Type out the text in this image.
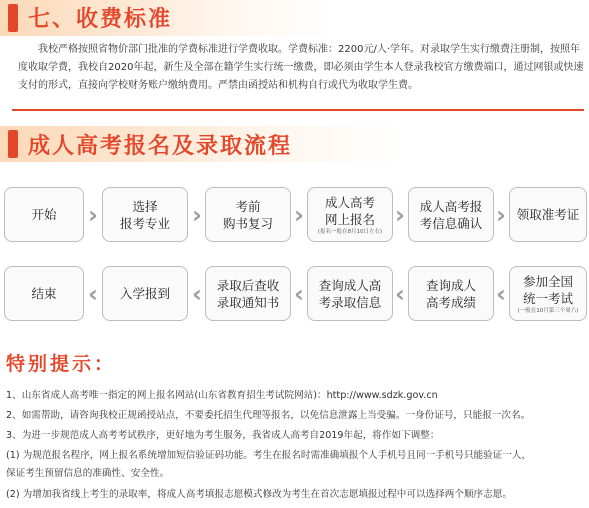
七、收费标准
我校严格按照省物价部门批准的学费标准进行学费收取。学费标准：2200元/人·学年。对录取学生实行缴费注册制，按照年度收取学费，我校自2020年起，新生及全部在籍学生实行统一缴费，即必须由学生本人登录我校官方缴费端口，通过网银或快速支付的形式，直接向学校财务账户缴纳费用。严禁由函授站和机构自行或代为收取学生费。
成人高考报名及录取流程
开始 ›	选择
报考专业 ›	考前
购书复习 › 成人高考
网上报名
(报名一般在8月10日左右)
› 成人高考报
考信息确认 › 领取准考证
结束 ‹ 入学报到 ‹ 录取后查收
录取通知书 ‹ 查询成人高
考录取信息 ‹ 查询成人
高考成绩 ‹ 参加全国
统一考试
(一般在10月第三个周六)
特别提示：
1、山东省成人高考唯一指定的网上报名网站(山东省教育招生考试院网站)：http://www.sdzk.gov.cn
2、如需帮助，请咨询我校正规函授站点，不要委托招生代理等报名，以免信息泄露上当受骗。一身份证号，只能报一次名。
3、为进一步规范成人高考考试秩序，更好地为考生服务，我省成人高考自2019年起，将作如下调整：
(1) 为规范报名程序，网上报名系统增加短信验证码功能。考生在报名时需准确填报个人手机号且同一手机号只能验证一人，
保证考生预留信息的准确性、安全性。
(2) 为增加我省线上考生的录取率，将成人高考填报志愿模式修改为考生在首次志愿填报过程中可以选择两个顺序志愿。
